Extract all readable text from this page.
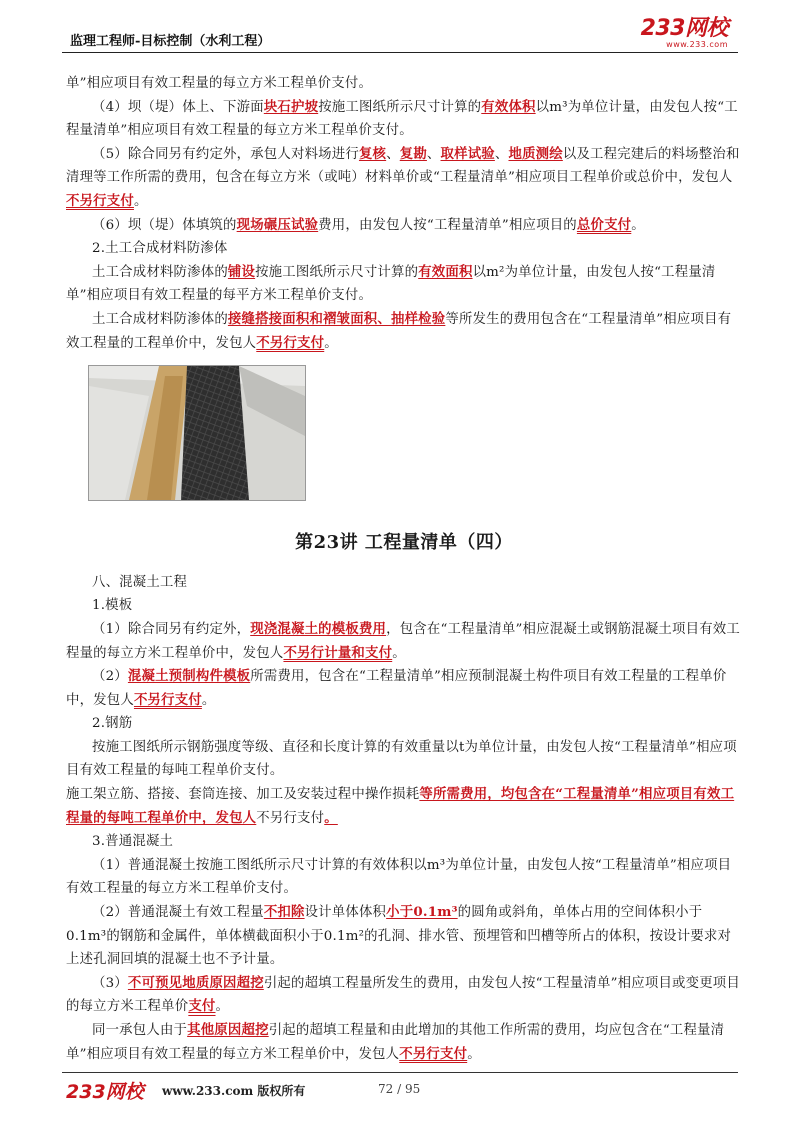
监理工程师-目标控制（水利工程）
233网校
www.233.com

单”相应项目有效工程量的每立方米工程单价支付。

（4）坝（堤）体上、下游面块石护坡按施工图纸所示尺寸计算的有效体积以m³为单位计量，由发包人按“工程量清单”相应项目有效工程量的每立方米工程单价支付。

（5）除合同另有约定外，承包人对料场进行复核、复勘、取样试验、地质测绘以及工程完建后的料场整治和清理等工作所需的费用，包含在每立方米（或吨）材料单价或“工程量清单”相应项目工程单价或总价中，发包人不另行支付。

（6）坝（堤）体填筑的现场碾压试验费用，由发包人按“工程量清单”相应项目的总价支付。

2.土工合成材料防渗体

土工合成材料防渗体的铺设按施工图纸所示尺寸计算的有效面积以m²为单位计量，由发包人按“工程量清单”相应项目有效工程量的每平方米工程单价支付。

土工合成材料防渗体的接缝搭接面积和褶皱面积、抽样检验等所发生的费用包含在“工程量清单”相应项目有效工程量的工程单价中，发包人不另行支付。

第23讲 工程量清单（四）

八、混凝土工程

1.模板

（1）除合同另有约定外，现浇混凝土的模板费用，包含在“工程量清单”相应混凝土或钢筋混凝土项目有效工程量的每立方米工程单价中，发包人不另行计量和支付。

（2）混凝土预制构件模板所需费用，包含在“工程量清单”相应预制混凝土构件项目有效工程量的工程单价中，发包人不另行支付。

2.钢筋

按施工图纸所示钢筋强度等级、直径和长度计算的有效重量以t为单位计量，由发包人按“工程量清单”相应项目有效工程量的每吨工程单价支付。

施工架立筋、搭接、套筒连接、加工及安装过程中操作损耗等所需费用，均包含在“工程量清单”相应项目有效工程量的每吨工程单价中，发包人不另行支付。

3.普通混凝土

（1）普通混凝土按施工图纸所示尺寸计算的有效体积以m³为单位计量，由发包人按“工程量清单”相应项目有效工程量的每立方米工程单价支付。

（2）普通混凝土有效工程量不扣除设计单体体积小于0.1m³的圆角或斜角，单体占用的空间体积小于0.1m³的钢筋和金属件，单体横截面积小于0.1m²的孔洞、排水管、预埋管和凹槽等所占的体积，按设计要求对上述孔洞回填的混凝土也不予计量。

（3）不可预见地质原因超挖引起的超填工程量所发生的费用，由发包人按“工程量清单”相应项目或变更项目的每立方米工程单价支付。

同一承包人由于其他原因超挖引起的超填工程量和由此增加的其他工作所需的费用，均应包含在“工程量清单”相应项目有效工程量的每立方米工程单价中，发包人不另行支付。

233网校 www.233.com 版权所有	72 / 95
